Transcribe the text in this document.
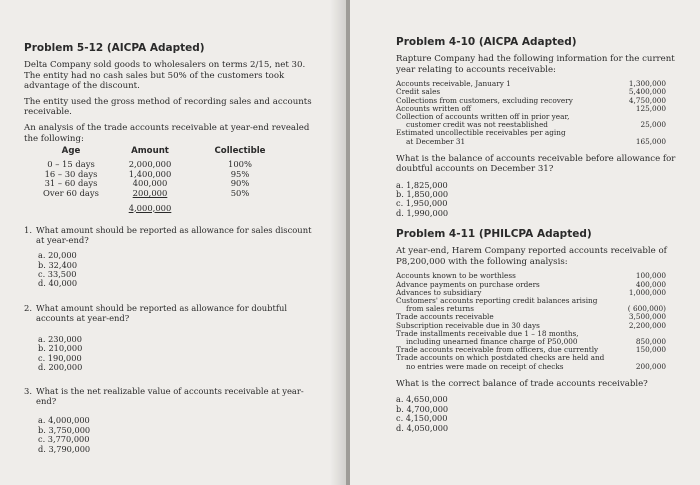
Problem 5-12 (AICPA Adapted)

Delta Company sold goods to wholesalers on terms 2/15, net 30. The entity had no cash sales but 50% of the customers took advantage of the discount.

The entity used the gross method of recording sales and accounts receivable.

An analysis of the trade accounts receivable at year-end revealed the following:

Age	Amount	Collectible
0 – 15 days	2,000,000	100%
16 – 30 days	1,400,000	95%
31 – 60 days	400,000	90%
Over 60 days	200,000	50%
	4,000,000	
1. What amount should be reported as allowance for sales discount at year-end?
a. 20,000
b. 32,400
c. 33,500
d. 40,000
2. What amount should be reported as allowance for doubtful accounts at year-end?
a. 230,000
b. 210,000
c. 190,000
d. 200,000
3. What is the net realizable value of accounts receivable at year-end?
a. 4,000,000
b. 3,750,000
c. 3,770,000
d. 3,790,000
Problem 4-10 (AICPA Adapted)

Rapture Company had the following information for the current year relating to accounts receivable:

Accounts receivable, January 1	1,300,000
Credit sales	5,400,000
Collections from customers, excluding recovery	4,750,000
Accounts written off	125,000
Collection of accounts written off in prior year,
customer credit was not reestablished	25,000
Estimated uncollectible receivables per aging
at December 31	165,000
What is the balance of accounts receivable before allowance for doubtful accounts on December 31?
a. 1,825,000
b. 1,850,000
c. 1,950,000
d. 1,990,000
Problem 4-11 (PHILCPA Adapted)

At year-end, Harem Company reported accounts receivable of P8,200,000 with the following analysis:

Accounts known to be worthless	100,000
Advance payments on purchase orders	400,000
Advances to subsidiary	1,000,000
Customers' accounts reporting credit balances arising
from sales returns	( 600,000)
Trade accounts receivable	3,500,000
Subscription receivable due in 30 days	2,200,000
Trade installments receivable due 1 – 18 months,
including unearned finance charge of P50,000	850,000
Trade accounts receivable from officers, due currently	150,000
Trade accounts on which postdated checks are held and
no entries were made on receipt of checks	200,000
What is the correct balance of trade accounts receivable?
a. 4,650,000
b. 4,700,000
c. 4,150,000
d. 4,050,000
